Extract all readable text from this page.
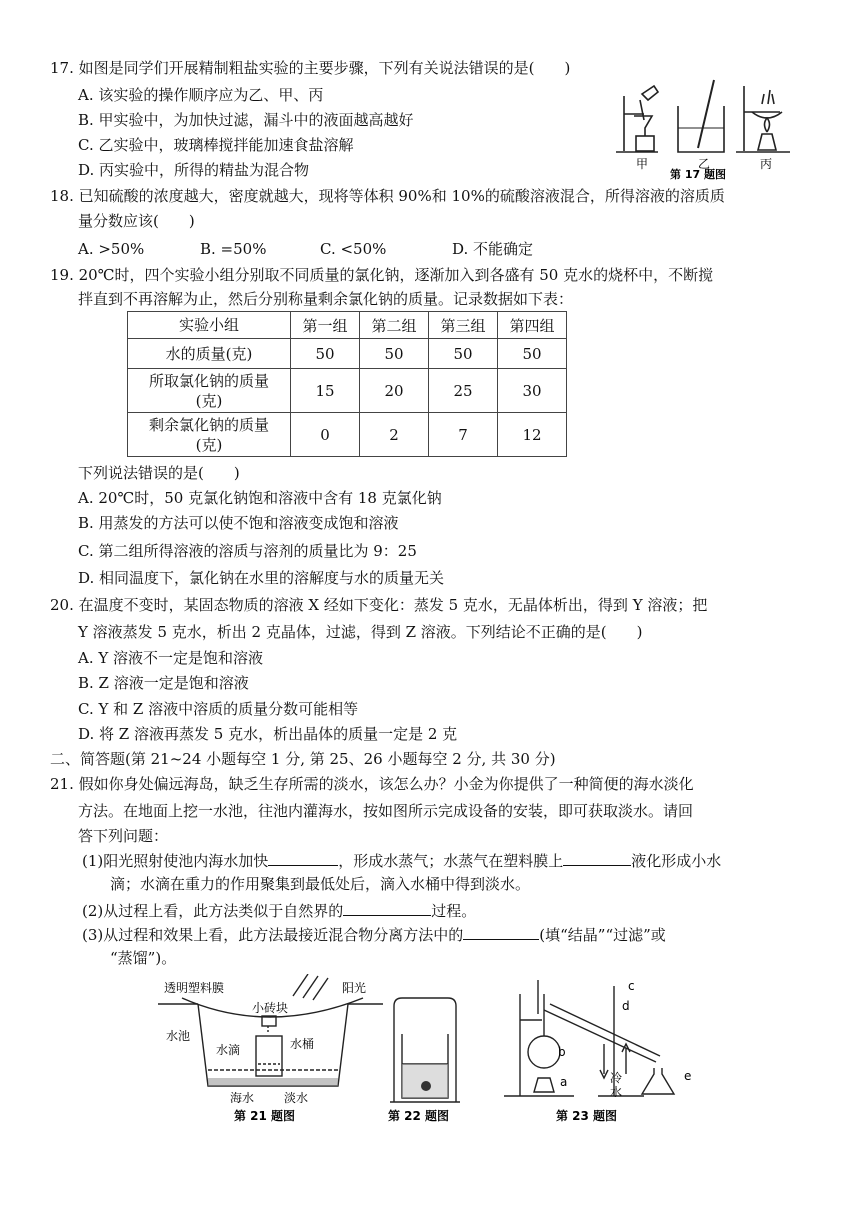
17. 如图是同学们开展精制粗盐实验的主要步骤，下列有关说法错误的是(　　)
A. 该实验的操作顺序应为乙、甲、丙
B. 甲实验中，为加快过滤，漏斗中的液面越高越好
C. 乙实验中，玻璃棒搅拌能加速食盐溶解
D. 丙实验中，所得的精盐为混合物	甲	乙	丙
第 17 题图
18. 已知硫酸的浓度越大，密度就越大，现将等体积 90%和 10%的硫酸溶液混合，所得溶液的溶质质
量分数应该(　　)
A. >50%	B. =50%	C. <50%	D. 不能确定
19. 20℃时，四个实验小组分别取不同质量的氯化钠，逐渐加入到各盛有 50 克水的烧杯中，不断搅
拌直到不再溶解为止，然后分别称量剩余氯化钠的质量。记录数据如下表：
实验小组	第一组	第二组	第三组	第四组
水的质量(克)	50	50	50	50
所取氯化钠的质量
(克)	15	20	25	30
剩余氯化钠的质量
(克)	0	2	7	12
下列说法错误的是(　　)
A. 20℃时，50 克氯化钠饱和溶液中含有 18 克氯化钠
B. 用蒸发的方法可以使不饱和溶液变成饱和溶液
C. 第二组所得溶液的溶质与溶剂的质量比为 9：25
D. 相同温度下，氯化钠在水里的溶解度与水的质量无关
20. 在温度不变时，某固态物质的溶液 X 经如下变化：蒸发 5 克水，无晶体析出，得到 Y 溶液；把
Y 溶液蒸发 5 克水，析出 2 克晶体，过滤，得到 Z 溶液。下列结论不正确的是(　　)
A. Y 溶液不一定是饱和溶液
B. Z 溶液一定是饱和溶液
C. Y 和 Z 溶液中溶质的质量分数可能相等
D. 将 Z 溶液再蒸发 5 克水，析出晶体的质量一定是 2 克
二、简答题(第 21~24 小题每空 1 分, 第 25、26 小题每空 2 分, 共 30 分)
21. 假如你身处偏远海岛，缺乏生存所需的淡水，该怎么办？小金为你提供了一种简便的海水淡化
方法。在地面上挖一水池，往池内灌海水，按如图所示完成设备的安装，即可获取淡水。请回
答下列问题：
(1)阳光照射使池内海水加快	，形成水蒸气；水蒸气在塑料膜上	液化形成小水
滴；水滴在重力的作用聚集到最低处后，滴入水桶中得到淡水。
(2)从过程上看，此方法类似于自然界的	过程。
(3)从过程和效果上看，此方法最接近混合物分离方法中的	(填“结晶”“过滤”或
“蒸馏”)。
透明塑料膜	阳光
小砖块
水池
水滴	水桶
海水 淡水
第 21 题图	第 22 题图
b
a
c
d
e
冷
水
第 23 题图
